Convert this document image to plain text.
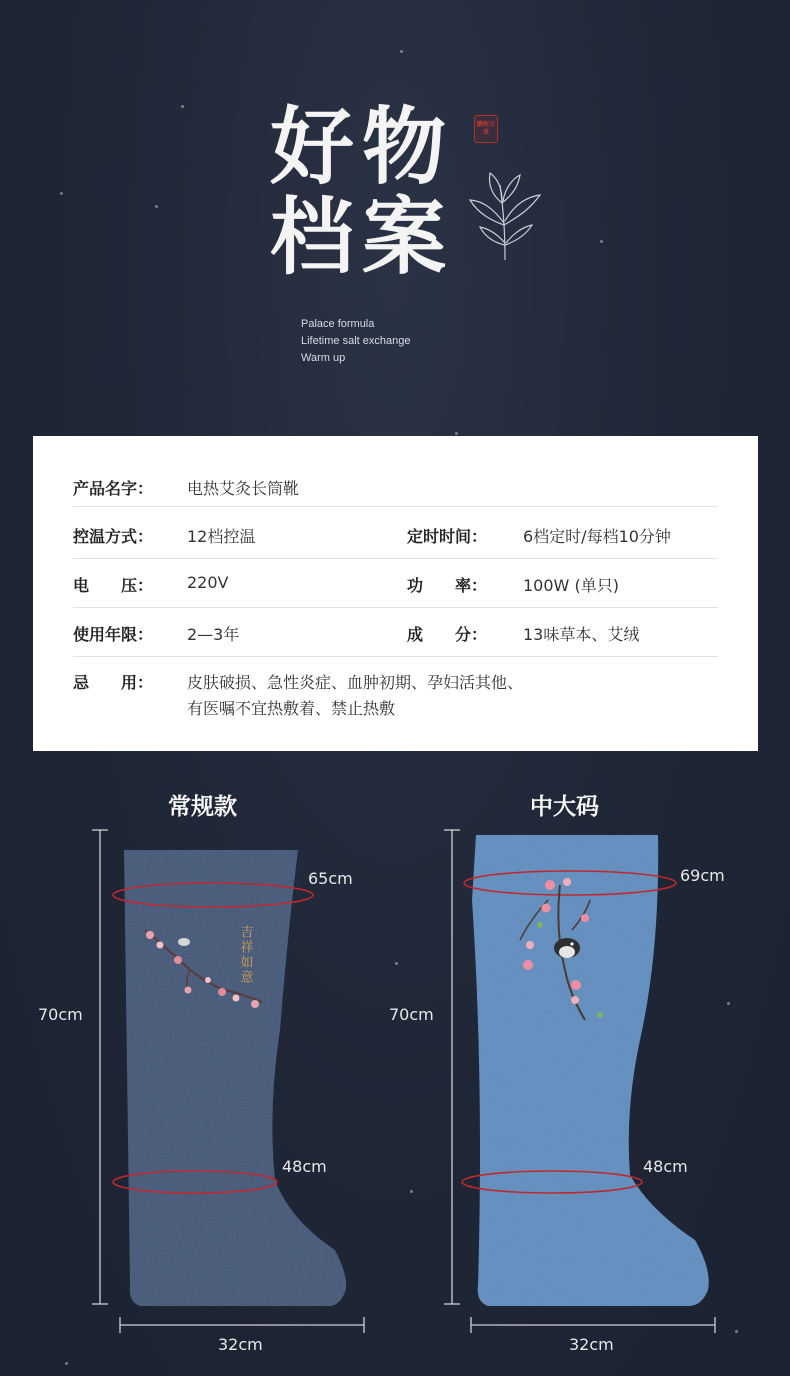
好 物
档 案
鹏程万里
Palace formula
Lifetime salt exchange
Warm up
产品名字： 电热艾灸长筒靴
控温方式： 12档控温	定时时间： 6档定时/每档10分钟
电　　压： 220V	功　　率： 100W (单只)
使用年限： 2—3年	成　　分： 13味草本、艾绒
忌　　用： 皮肤破损、急性炎症、血肿初期、孕妇活其他、
有医嘱不宜热敷着、禁止热敷
常规款	中大码
吉祥如意
65cm
70cm
48cm
32cm
69cm
70cm
48cm
32cm
